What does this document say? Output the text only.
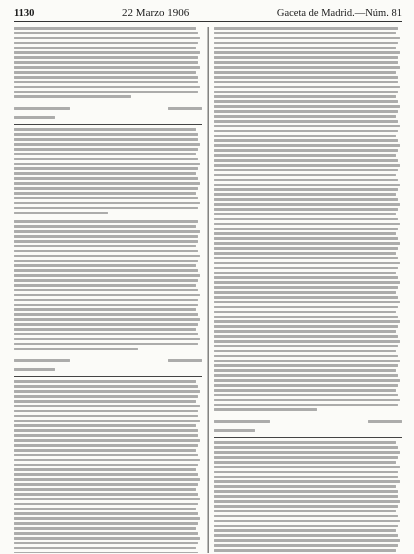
1130	22 Marzo 1906	Gaceta de Madrid.—Núm. 81
